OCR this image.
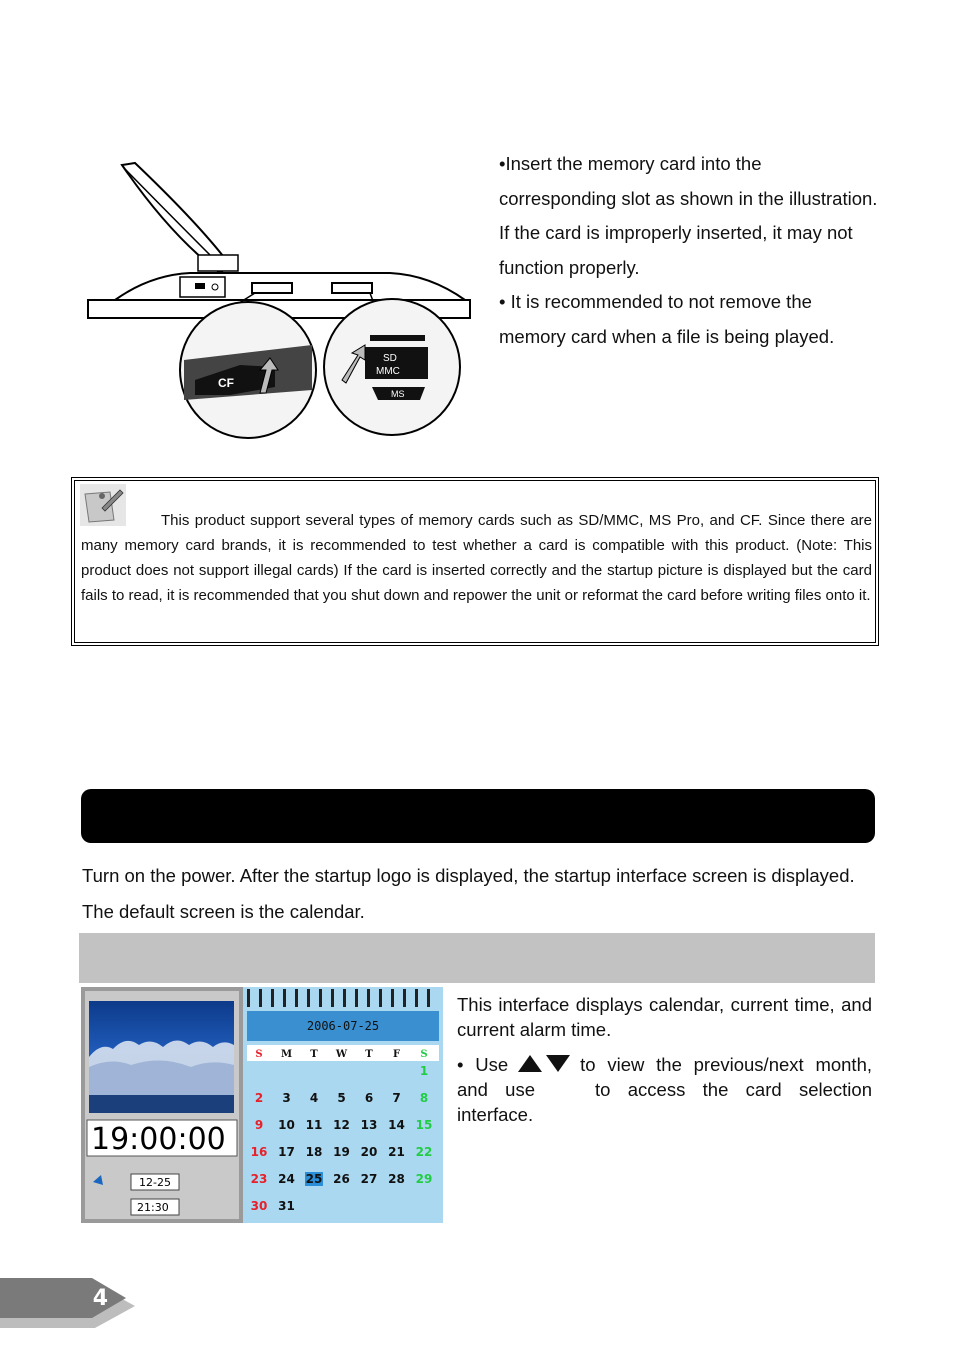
CF
SD
MMC
MS

•Insert the memory card into the corresponding slot as shown in the illustration. If the card is improperly inserted, it may not function properly.

• It is recommended to not remove the memory card when a file is being played.

This product support several types of memory cards such as SD/MMC, MS Pro, and CF. Since there are many memory card brands, it is recommended to test whether a card is compatible with this product. (Note: This product does not support illegal cards) If the card is inserted correctly and the startup picture is displayed but the card fails to read, it is recommended that you shut down and repower the unit or reformat the card before writing files onto it.
Turn on the power. After the startup logo is displayed, the startup interface screen is displayed. The default screen is the calendar.
19:00:00
12-25
21:30
2006-07-25
S M T W T F S
1
2 3 4 5 6 7 8
9 10 11 12 13 14 15
16 17 18 19 20 21 22
23 24 25 26 27 28 29
30 31

This interface displays calendar, current time, and current alarm time.

• Use	to view the previous/next month, and use	to access the card selection interface.

4
